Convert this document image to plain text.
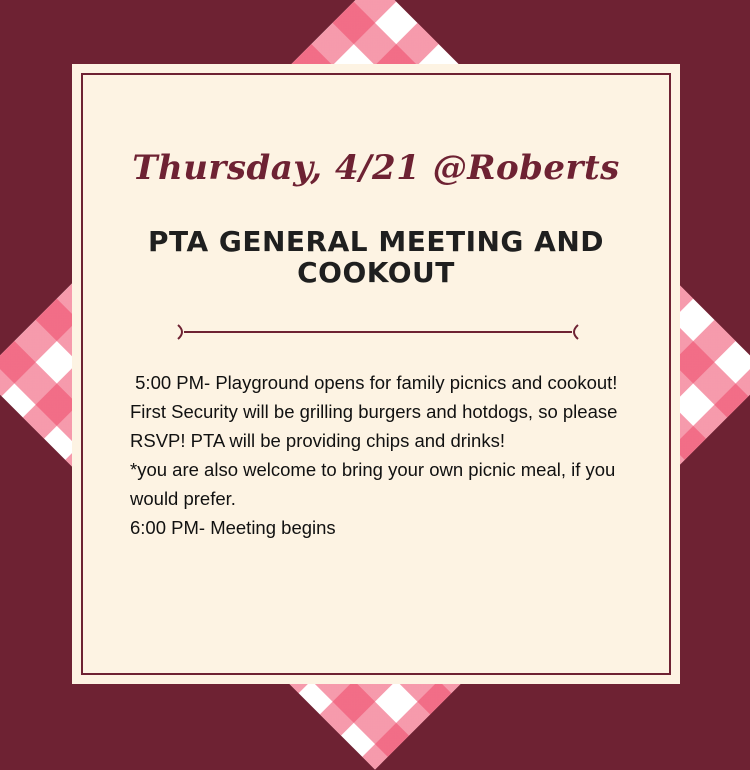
Thursday, 4/21 @Roberts
PTA GENERAL MEETING AND COOKOUT

5:00 PM- Playground opens for family picnics and cookout! First Security will be grilling burgers and hotdogs, so please RSVP! PTA will be providing chips and drinks!

*you are also welcome to bring your own picnic meal, if you would prefer.

6:00 PM- Meeting begins
